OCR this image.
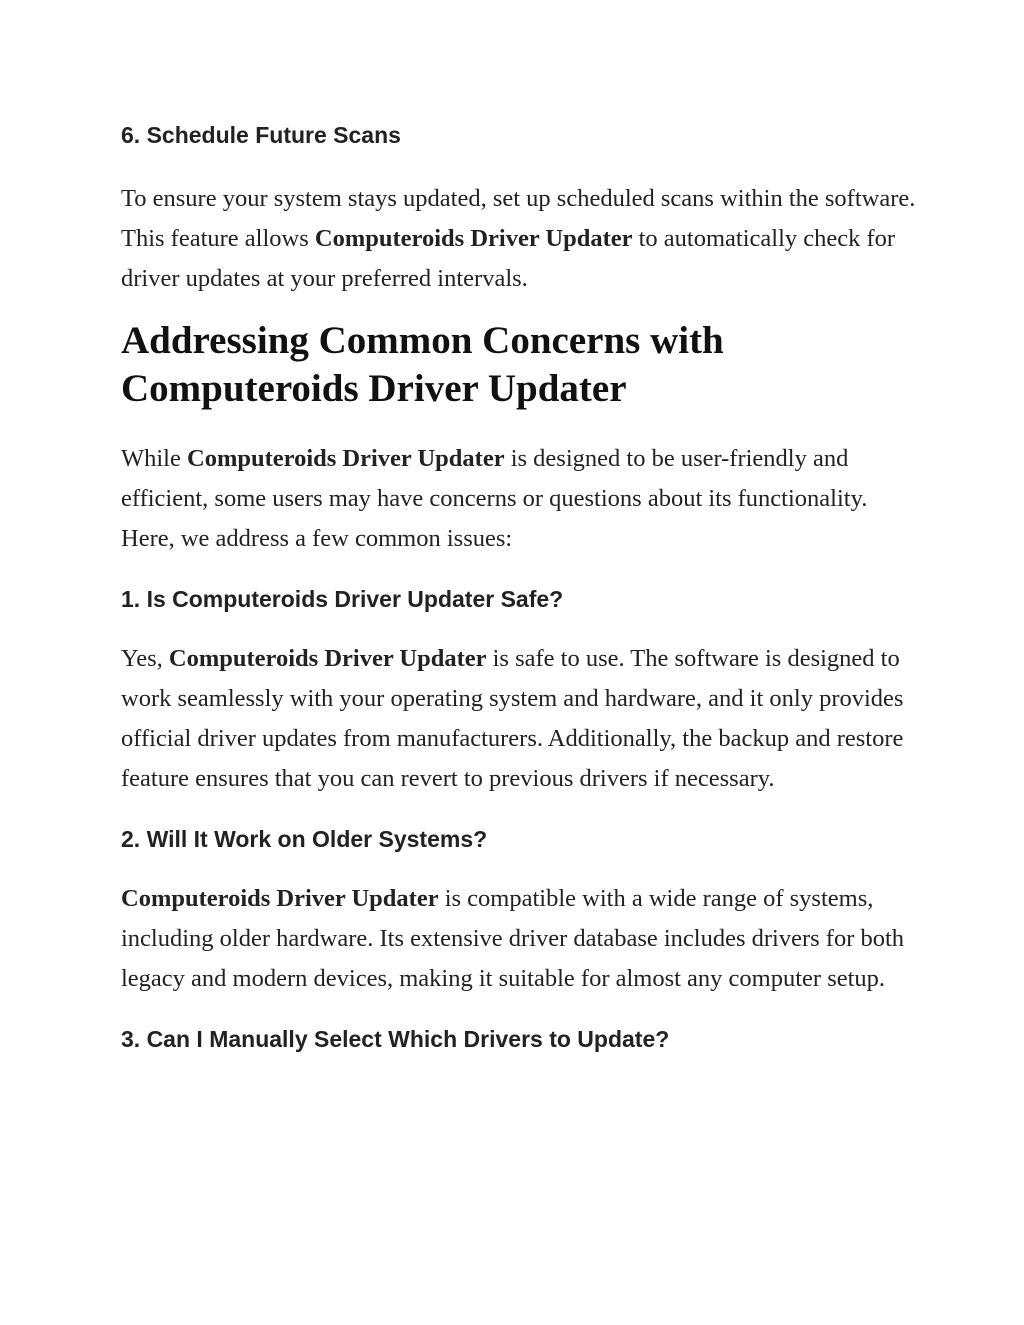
6. Schedule Future Scans

To ensure your system stays updated, set up scheduled scans within the software. This feature allows Computeroids Driver Updater to automatically check for driver updates at your preferred intervals.

Addressing Common Concerns with Computeroids Driver Updater

While Computeroids Driver Updater is designed to be user-friendly and efficient, some users may have concerns or questions about its functionality. Here, we address a few common issues:

1. Is Computeroids Driver Updater Safe?

Yes, Computeroids Driver Updater is safe to use. The software is designed to work seamlessly with your operating system and hardware, and it only provides official driver updates from manufacturers. Additionally, the backup and restore feature ensures that you can revert to previous drivers if necessary.

2. Will It Work on Older Systems?

Computeroids Driver Updater is compatible with a wide range of systems, including older hardware. Its extensive driver database includes drivers for both legacy and modern devices, making it suitable for almost any computer setup.

3. Can I Manually Select Which Drivers to Update?
